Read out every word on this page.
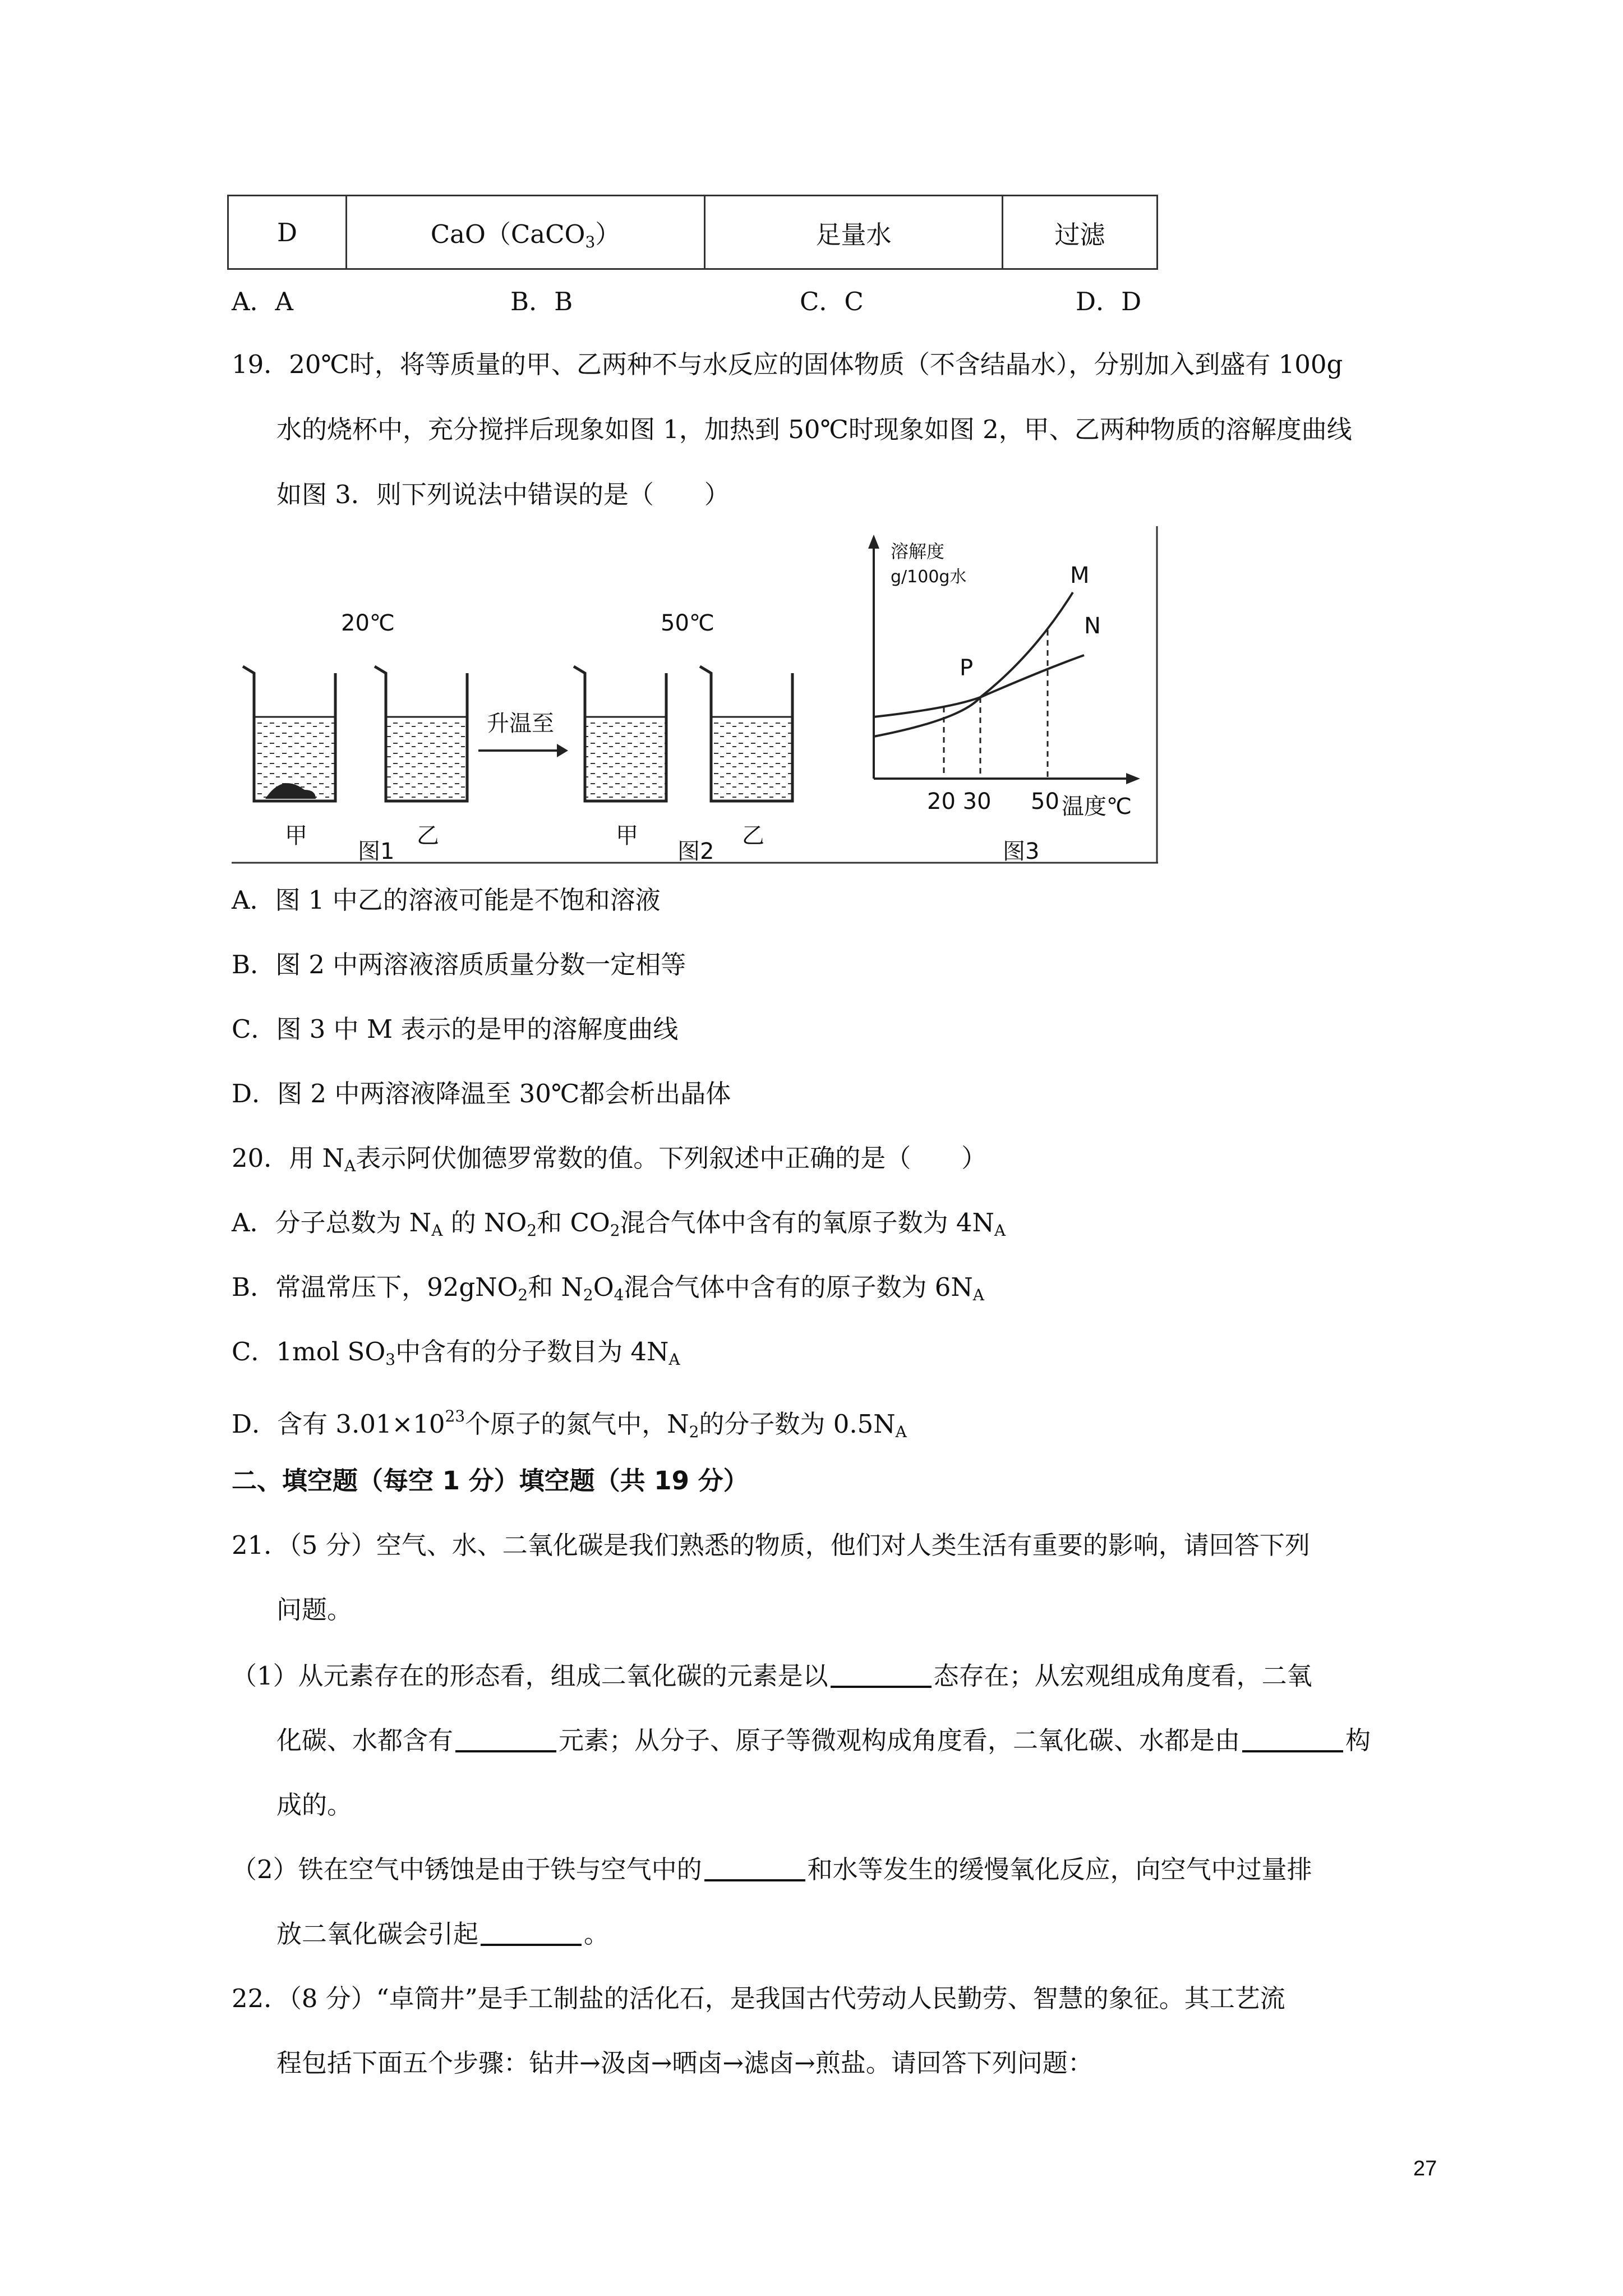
D	CaO（CaCO$_3$）	足量水	过滤
A．A	B．B	C．C	D．D
19．20℃时，将等质量的甲、乙两种不与水反应的固体物质（不含结晶水），分别加入到盛有 100g
水的烧杯中，充分搅拌后现象如图 1，加热到 50℃时现象如图 2，甲、乙两种物质的溶解度曲线
如图 3．则下列说法中错误的是（　　）
20℃	50℃
升温至
甲	乙	甲	乙
图1	图2	图3
溶解度
g/100g水	M
N
P
20 30 50 温度℃
A．图 1 中乙的溶液可能是不饱和溶液
B．图 2 中两溶液溶质质量分数一定相等
C．图 3 中 M 表示的是甲的溶解度曲线
D．图 2 中两溶液降温至 30℃都会析出晶体
20．用 $N_A$表示阿伏伽德罗常数的值。下列叙述中正确的是（　　）
A．分子总数为 $N_A$ 的 $NO_2$和 $CO_2$混合气体中含有的氧原子数为 $4N_A$
B．常温常压下，92gNO$_2$和 $N_2O_4$混合气体中含有的原子数为 $6N_A$
C．1mol $SO_3$中含有的分子数目为 $4N_A$
D．含有 $3.01\times 10^{23}$个原子的氮气中，$N_2$的分子数为 $0.5N_A$
二、填空题（每空 1 分）填空题（共 19 分）
21．（5 分）空气、水、二氧化碳是我们熟悉的物质，他们对人类生活有重要的影响，请回答下列
问题。
（1）从元素存在的形态看，组成二氧化碳的元素是以	态存在；从宏观组成角度看，二氧
化碳、水都含有	元素；从分子、原子等微观构成角度看，二氧化碳、水都是由	构
成的。
（2）铁在空气中锈蚀是由于铁与空气中的	和水等发生的缓慢氧化反应，向空气中过量排
放二氧化碳会引起	。
22．（8 分）“卓筒井”是手工制盐的活化石，是我国古代劳动人民勤劳、智慧的象征。其工艺流
程包括下面五个步骤：钻井→汲卤→晒卤→滤卤→煎盐。请回答下列问题：
27
